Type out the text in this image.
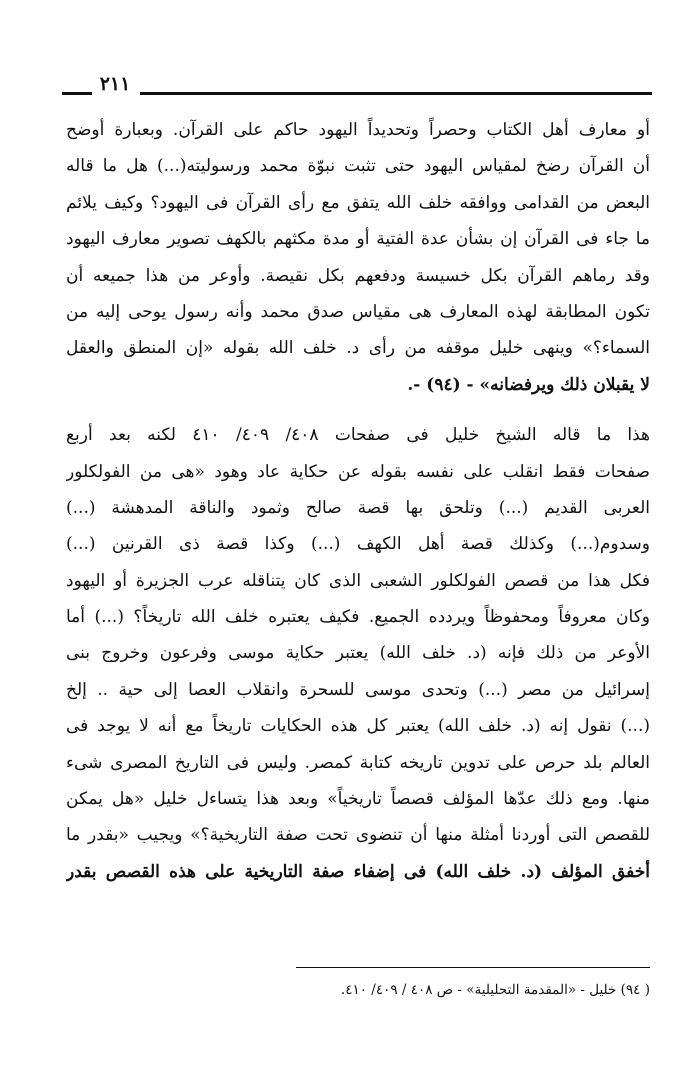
٢١١
أو معارف أهل الكتاب وحصراً وتحديداً اليهود حاكم على القرآن. وبعبارة أوضح
أن القرآن رضخ لمقياس اليهود حتى تثبت نبوّة محمد ورسوليته(...) هل ما قاله
البعض من القدامى ووافقه خلف الله يتفق مع رأى القرآن فى اليهود؟ وكيف يلائم
ما جاء فى القرآن إن بشأن عدة الفتية أو مدة مكثهم بالكهف تصوير معارف اليهود
وقد رماهم القرآن بكل خسيسة ودفعهم بكل نقيصة. وأوعر من هذا جميعه أن
تكون المطابقة لهذه المعارف هى مقياس صدق محمد وأنه رسول يوحى إليه من
السماء؟» وينهى خليل موقفه من رأى د. خلف الله بقوله «إن المنطق والعقل
لا يقبلان ذلك ويرفضانه» - (٩٤) -.
هذا ما قاله الشيخ خليل فى صفحات ٤٠٨/ ٤٠٩/ ٤١٠ لكنه بعد أربع
صفحات فقط انقلب على نفسه بقوله عن حكاية عاد وهود «هى من الفولكلور
العربى القديم (...) وتلحق بها قصة صالح وثمود والناقة المدهشة (...)
وسدوم(...) وكذلك قصة أهل الكهف (...) وكذا قصة ذى القرنين (...)
فكل هذا من قصص الفولكلور الشعبى الذى كان يتناقله عرب الجزيرة أو اليهود
وكان معروفاً ومحفوظاً ويردده الجميع. فكيف يعتبره خلف الله تاريخاً؟ (...) أما
الأوعر من ذلك فإنه (د. خلف الله) يعتبر حكاية موسى وفرعون وخروج بنى
إسرائيل من مصر (...) وتحدى موسى للسحرة وانقلاب العصا إلى حية .. إلخ
(...) نقول إنه (د. خلف الله) يعتبر كل هذه الحكايات تاريخاً مع أنه لا يوجد فى
العالم بلد حرص على تدوين تاريخه كتابة كمصر. وليس فى التاريخ المصرى شىء
منها. ومع ذلك عدّها المؤلف قصصاً تاريخياً» وبعد هذا يتساءل خليل «هل يمكن
للقصص التى أوردنا أمثلة منها أن تنضوى تحت صفة التاريخية؟» ويجيب «بقدر ما
أخفق المؤلف (د. خلف الله) فى إضفاء صفة التاريخية على هذه القصص بقدر
( ٩٤) خليل - «المقدمة التحليلية» - ص ٤٠٨ / ٤٠٩/ ٤١٠.
